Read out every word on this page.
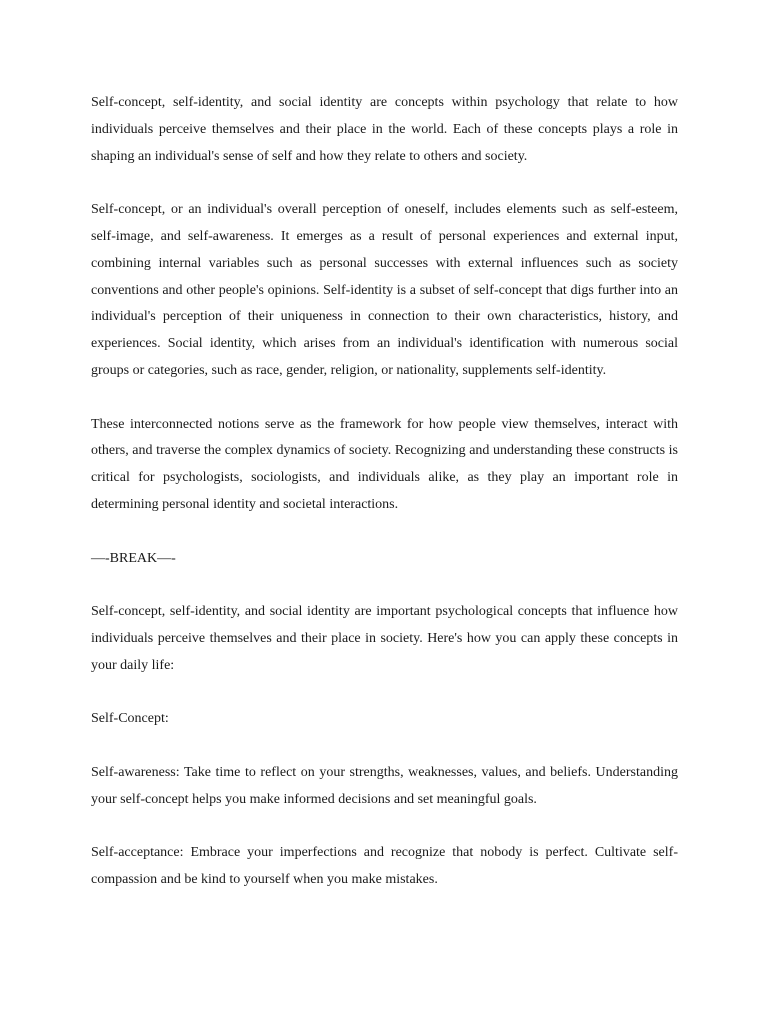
Self-concept, self-identity, and social identity are concepts within psychology that relate to how individuals perceive themselves and their place in the world. Each of these concepts plays a role in shaping an individual's sense of self and how they relate to others and society.

Self-concept, or an individual's overall perception of oneself, includes elements such as self-esteem, self-image, and self-awareness. It emerges as a result of personal experiences and external input, combining internal variables such as personal successes with external influences such as society conventions and other people's opinions. Self-identity is a subset of self-concept that digs further into an individual's perception of their uniqueness in connection to their own characteristics, history, and experiences. Social identity, which arises from an individual's identification with numerous social groups or categories, such as race, gender, religion, or nationality, supplements self-identity.

These interconnected notions serve as the framework for how people view themselves, interact with others, and traverse the complex dynamics of society. Recognizing and understanding these constructs is critical for psychologists, sociologists, and individuals alike, as they play an important role in determining personal identity and societal interactions.

—-BREAK—-

Self-concept, self-identity, and social identity are important psychological concepts that influence how individuals perceive themselves and their place in society. Here's how you can apply these concepts in your daily life:

Self-Concept:

Self-awareness: Take time to reflect on your strengths, weaknesses, values, and beliefs. Understanding your self-concept helps you make informed decisions and set meaningful goals.

Self-acceptance: Embrace your imperfections and recognize that nobody is perfect. Cultivate self-compassion and be kind to yourself when you make mistakes.
